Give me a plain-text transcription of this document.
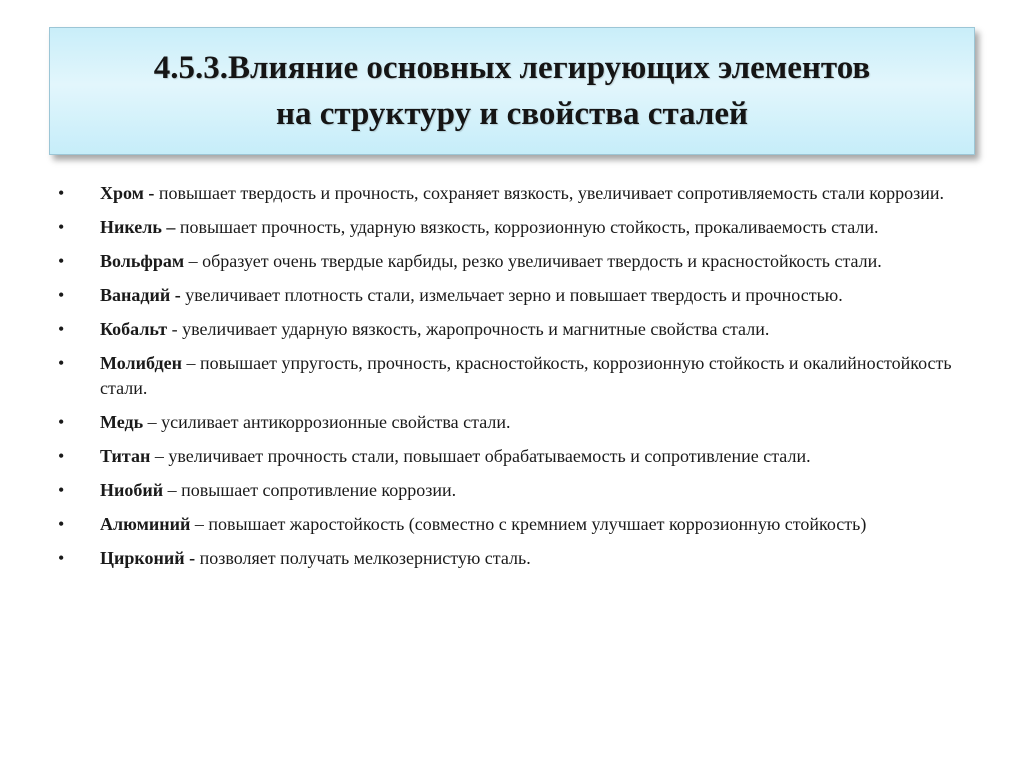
4.5.3.Влияние основных легирующих элементов
на структуру и свойства сталей
• Хром - повышает твердость и прочность, сохраняет вязкость, увеличивает сопротивляемость стали коррозии.
• Никель – повышает прочность, ударную вязкость, коррозионную стойкость, прокаливаемость стали.
• Вольфрам – образует очень твердые карбиды, резко увеличивает твердость и красностойкость стали.
• Ванадий - увеличивает плотность стали, измельчает зерно и повышает твердость и прочностью.
• Кобальт - увеличивает ударную вязкость, жаропрочность и магнитные свойства стали.
• Молибден – повышает упругость, прочность, красностойкость, коррозионную стойкость и окалийностойкость стали.
• Медь – усиливает антикоррозионные свойства стали.
• Титан – увеличивает прочность стали, повышает обрабатываемость и сопротивление стали.
• Ниобий – повышает сопротивление коррозии.
• Алюминий – повышает жаростойкость (совместно с кремнием улучшает коррозионную стойкость)
• Цирконий - позволяет получать мелкозернистую сталь.
